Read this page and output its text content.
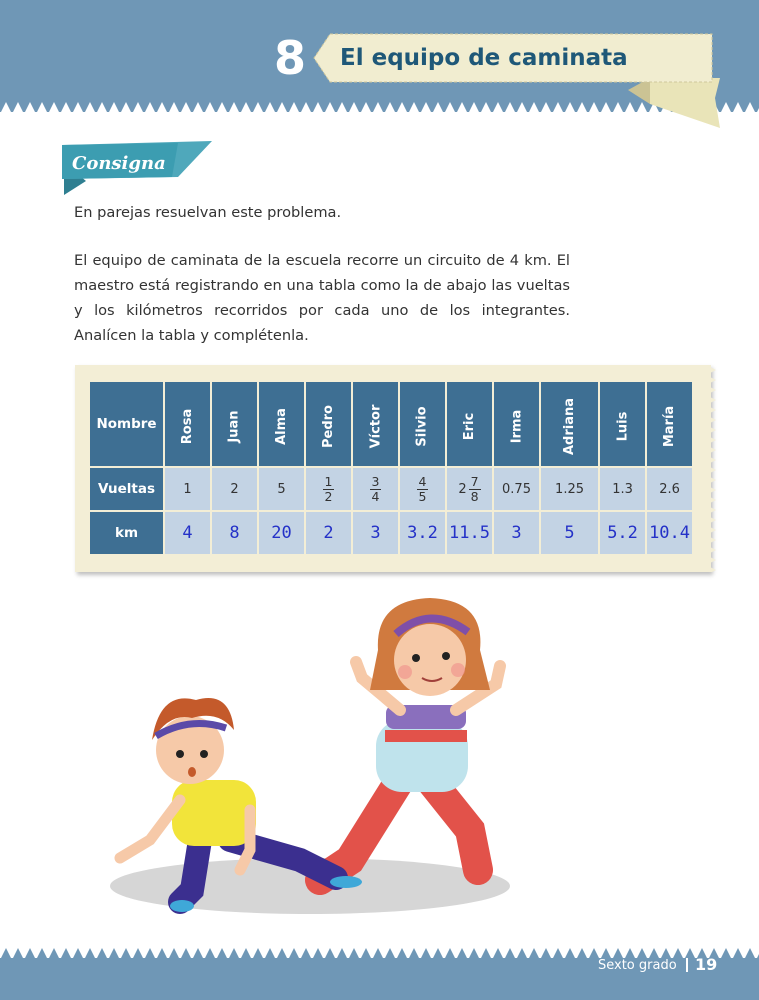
8 El equipo de caminata
Consigna

En parejas resuelvan este problema.

El equipo de caminata de la escuela recorre un circuito de 4 km. El maestro está registrando en una tabla como la de abajo las vueltas y los kilómetros recorridos por cada uno de los integrantes. Analícen la tabla y complétenla.

Nombre	Rosa	Juan	Alma	Pedro	Víctor	Silvio	Eric	Irma	Adriana	Luis	María
Vueltas	1	2	5	$\frac{1}{2}$	$\frac{3}{4}$	$\frac{4}{5}$	$2 \frac{7}{8}$	0.75	1.25	1.3	2.6
km	4	8	20	2	3	3.2	11.5	3	5	5.2	10.4
Sexto grado 19
